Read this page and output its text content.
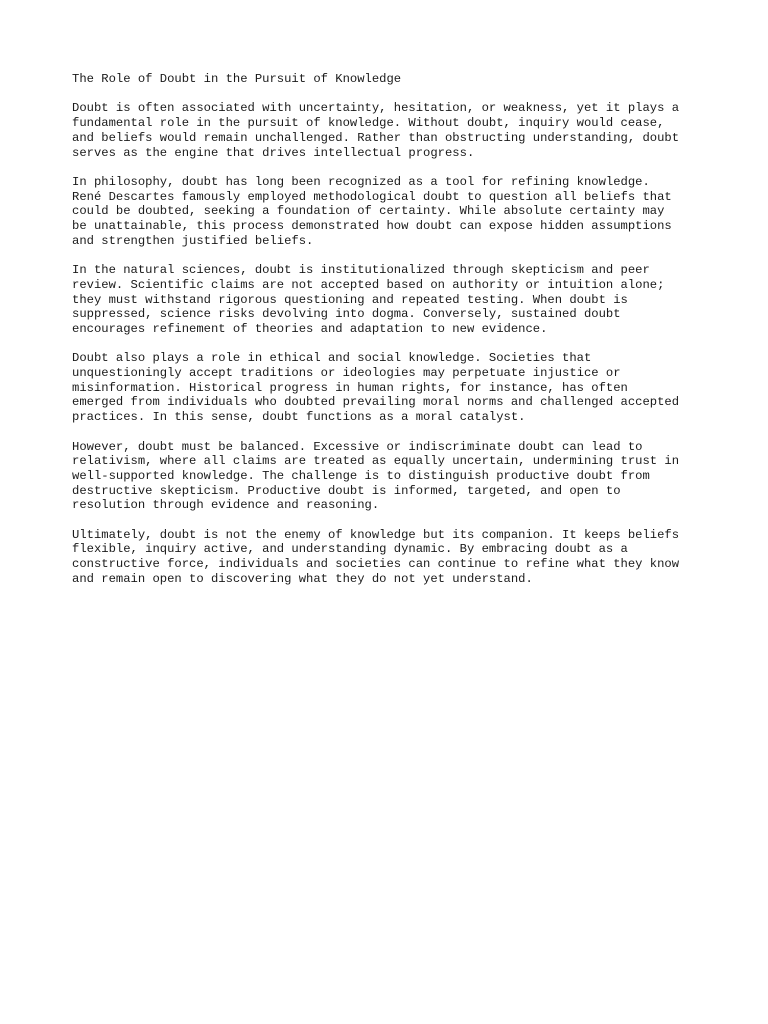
The Role of Doubt in the Pursuit of Knowledge
Doubt is often associated with uncertainty, hesitation, or weakness, yet it plays a
fundamental role in the pursuit of knowledge. Without doubt, inquiry would cease,
and beliefs would remain unchallenged. Rather than obstructing understanding, doubt
serves as the engine that drives intellectual progress.
In philosophy, doubt has long been recognized as a tool for refining knowledge.
René Descartes famously employed methodological doubt to question all beliefs that
could be doubted, seeking a foundation of certainty. While absolute certainty may
be unattainable, this process demonstrated how doubt can expose hidden assumptions
and strengthen justified beliefs.
In the natural sciences, doubt is institutionalized through skepticism and peer
review. Scientific claims are not accepted based on authority or intuition alone;
they must withstand rigorous questioning and repeated testing. When doubt is
suppressed, science risks devolving into dogma. Conversely, sustained doubt
encourages refinement of theories and adaptation to new evidence.
Doubt also plays a role in ethical and social knowledge. Societies that
unquestioningly accept traditions or ideologies may perpetuate injustice or
misinformation. Historical progress in human rights, for instance, has often
emerged from individuals who doubted prevailing moral norms and challenged accepted
practices. In this sense, doubt functions as a moral catalyst.
However, doubt must be balanced. Excessive or indiscriminate doubt can lead to
relativism, where all claims are treated as equally uncertain, undermining trust in
well-supported knowledge. The challenge is to distinguish productive doubt from
destructive skepticism. Productive doubt is informed, targeted, and open to
resolution through evidence and reasoning.
Ultimately, doubt is not the enemy of knowledge but its companion. It keeps beliefs
flexible, inquiry active, and understanding dynamic. By embracing doubt as a
constructive force, individuals and societies can continue to refine what they know
and remain open to discovering what they do not yet understand.
